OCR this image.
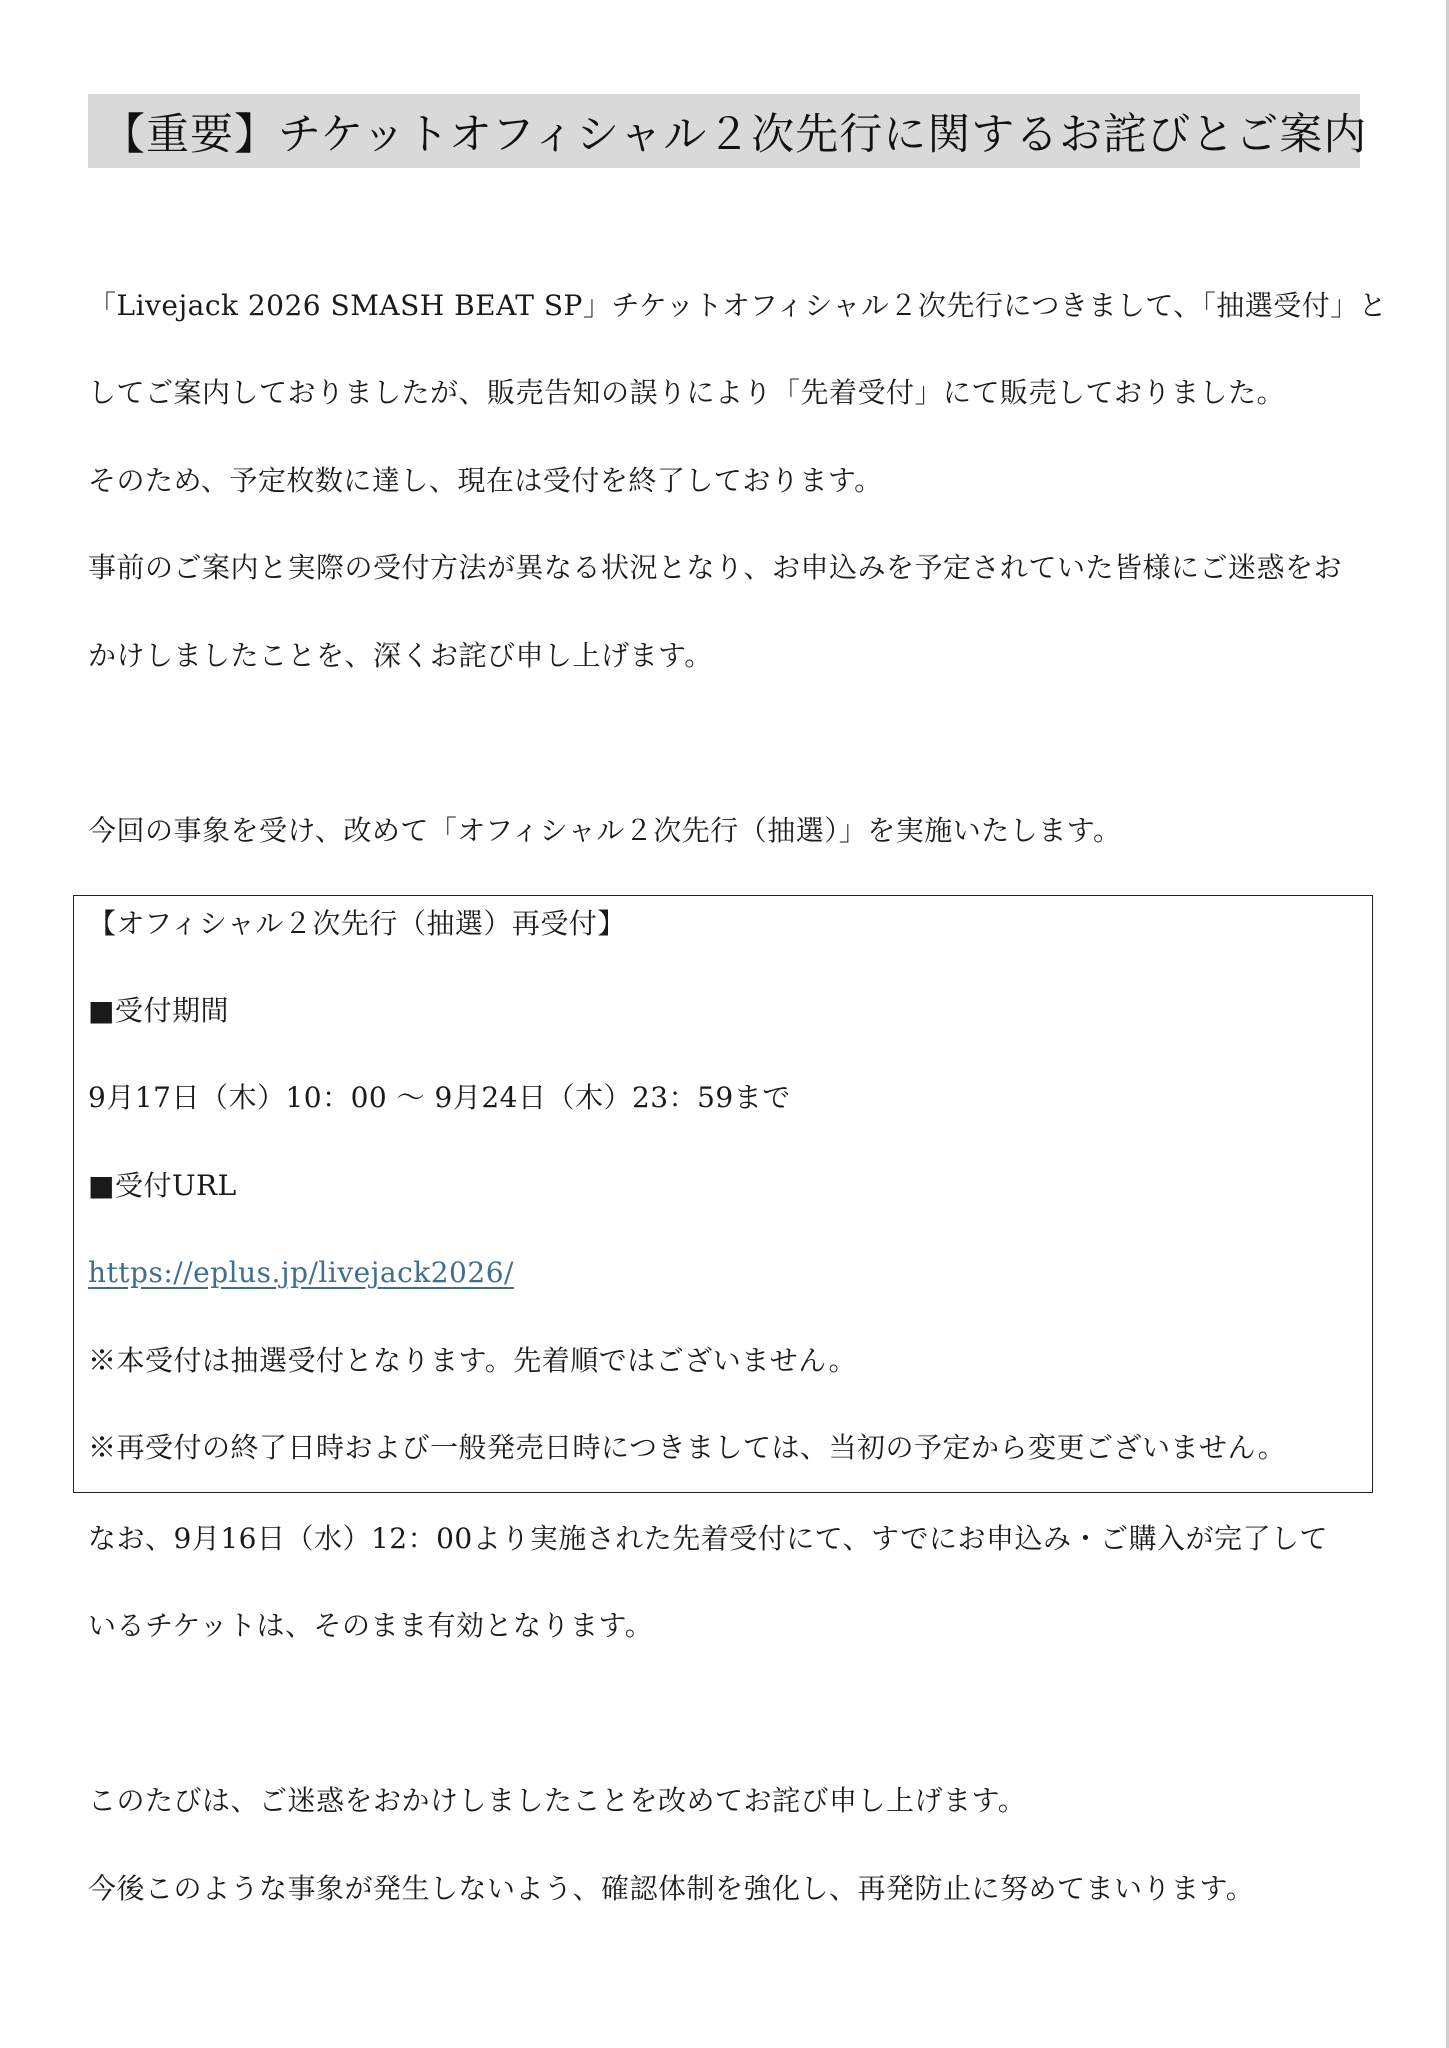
【重要】チケットオフィシャル２次先行に関するお詫びとご案内
「Livejack 2026 SMASH BEAT SP」チケットオフィシャル２次先行につきまして、「抽選受付」と
してご案内しておりましたが、販売告知の誤りにより「先着受付」にて販売しておりました。
そのため、予定枚数に達し、現在は受付を終了しております。
事前のご案内と実際の受付方法が異なる状況となり、お申込みを予定されていた皆様にご迷惑をお
かけしましたことを、深くお詫び申し上げます。
今回の事象を受け、改めて「オフィシャル２次先行（抽選）」を実施いたします。
【オフィシャル２次先行（抽選）再受付】
■受付期間
9月17日（木）10：00 〜 9月24日（木）23：59まで
■受付URL
https://eplus.jp/livejack2026/
※本受付は抽選受付となります。先着順ではございません。
※再受付の終了日時および一般発売日時につきましては、当初の予定から変更ございません。
なお、9月16日（水）12：00より実施された先着受付にて、すでにお申込み・ご購入が完了して
いるチケットは、そのまま有効となります。
このたびは、ご迷惑をおかけしましたことを改めてお詫び申し上げます。
今後このような事象が発生しないよう、確認体制を強化し、再発防止に努めてまいります。
